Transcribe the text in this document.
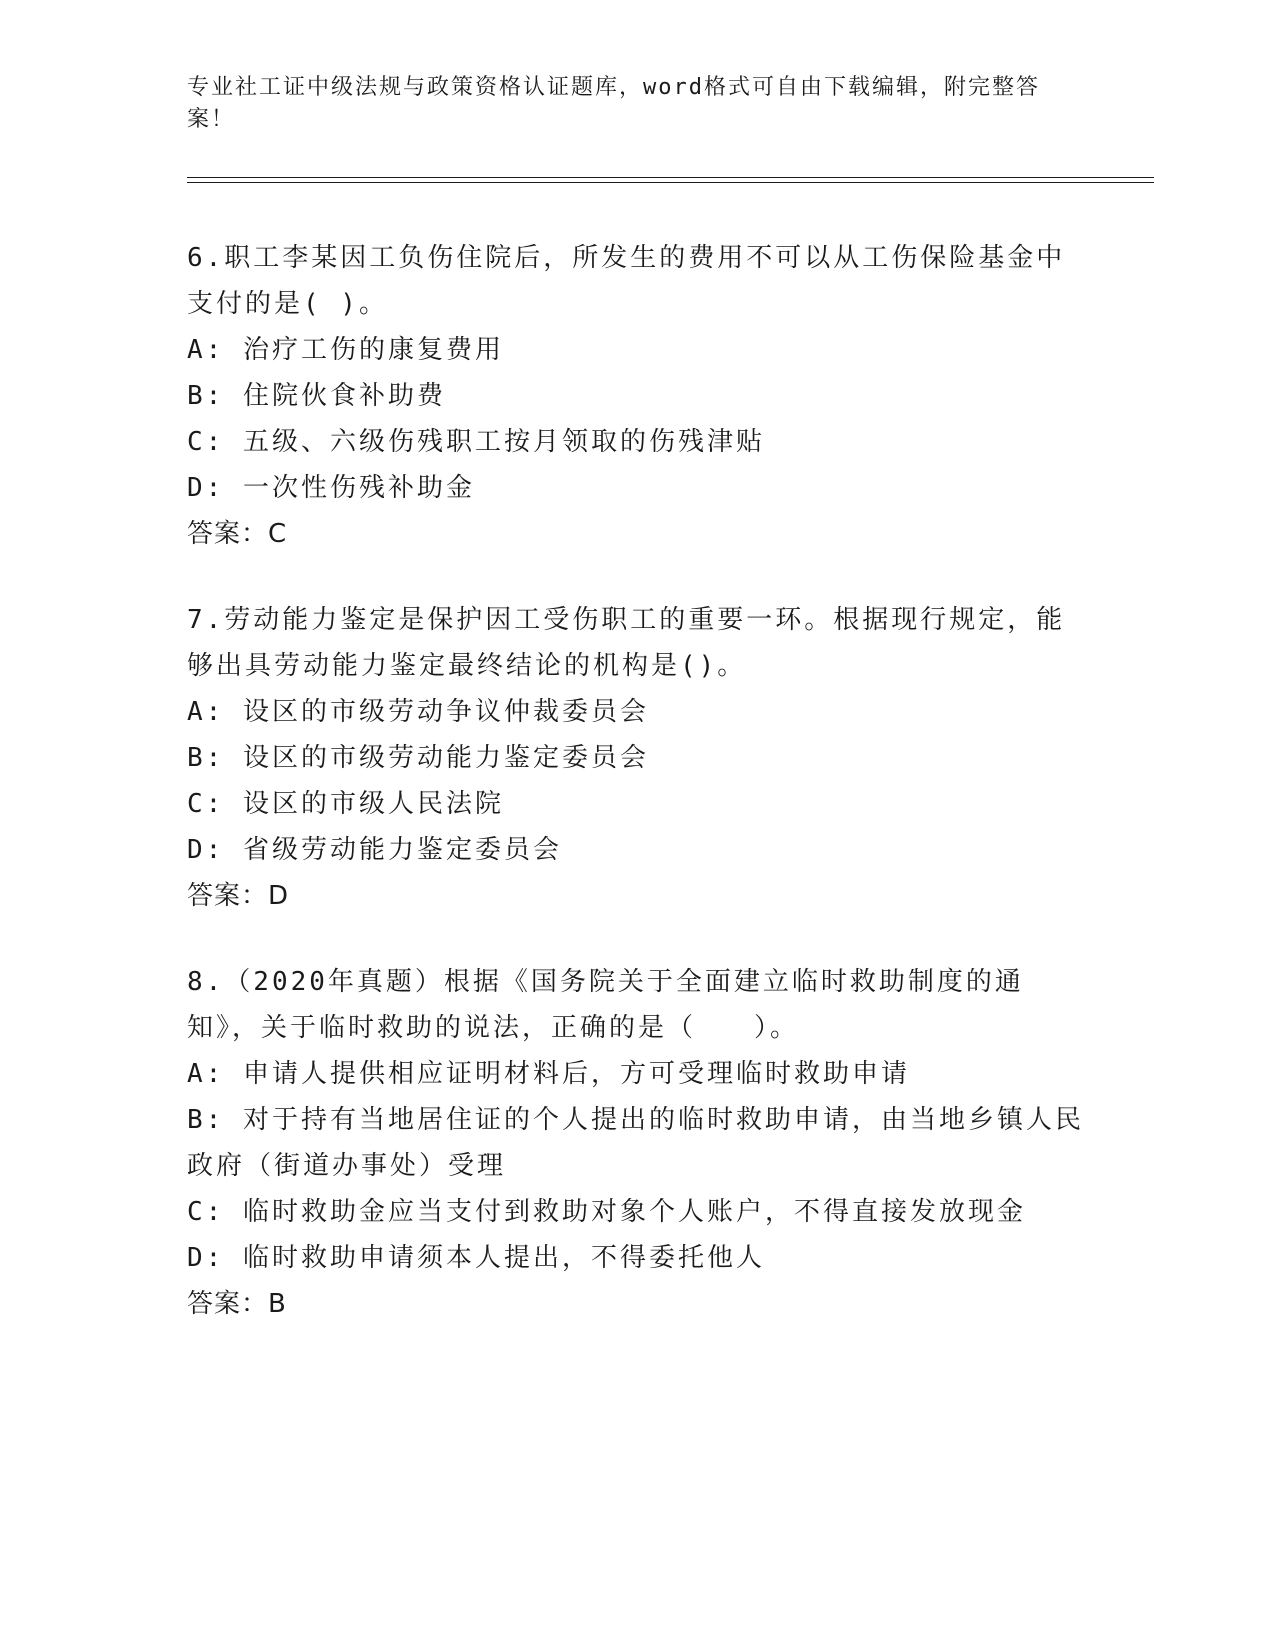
专业社工证中级法规与政策资格认证题库，word格式可自由下载编辑，附完整答案！

6.职工李某因工负伤住院后，所发生的费用不可以从工伤保险基金中支付的是( )。

A: 治疗工伤的康复费用

B: 住院伙食补助费

C: 五级、六级伤残职工按月领取的伤残津贴

D: 一次性伤残补助金

答案：C

7.劳动能力鉴定是保护因工受伤职工的重要一环。根据现行规定，能够出具劳动能力鉴定最终结论的机构是()。

A: 设区的市级劳动争议仲裁委员会

B: 设区的市级劳动能力鉴定委员会

C: 设区的市级人民法院

D: 省级劳动能力鉴定委员会

答案：D

8.（2020年真题）根据《国务院关于全面建立临时救助制度的通知》，关于临时救助的说法，正确的是（　　）。

A: 申请人提供相应证明材料后，方可受理临时救助申请

B: 对于持有当地居住证的个人提出的临时救助申请，由当地乡镇人民政府（街道办事处）受理

C: 临时救助金应当支付到救助对象个人账户，不得直接发放现金

D: 临时救助申请须本人提出，不得委托他人

答案：B
